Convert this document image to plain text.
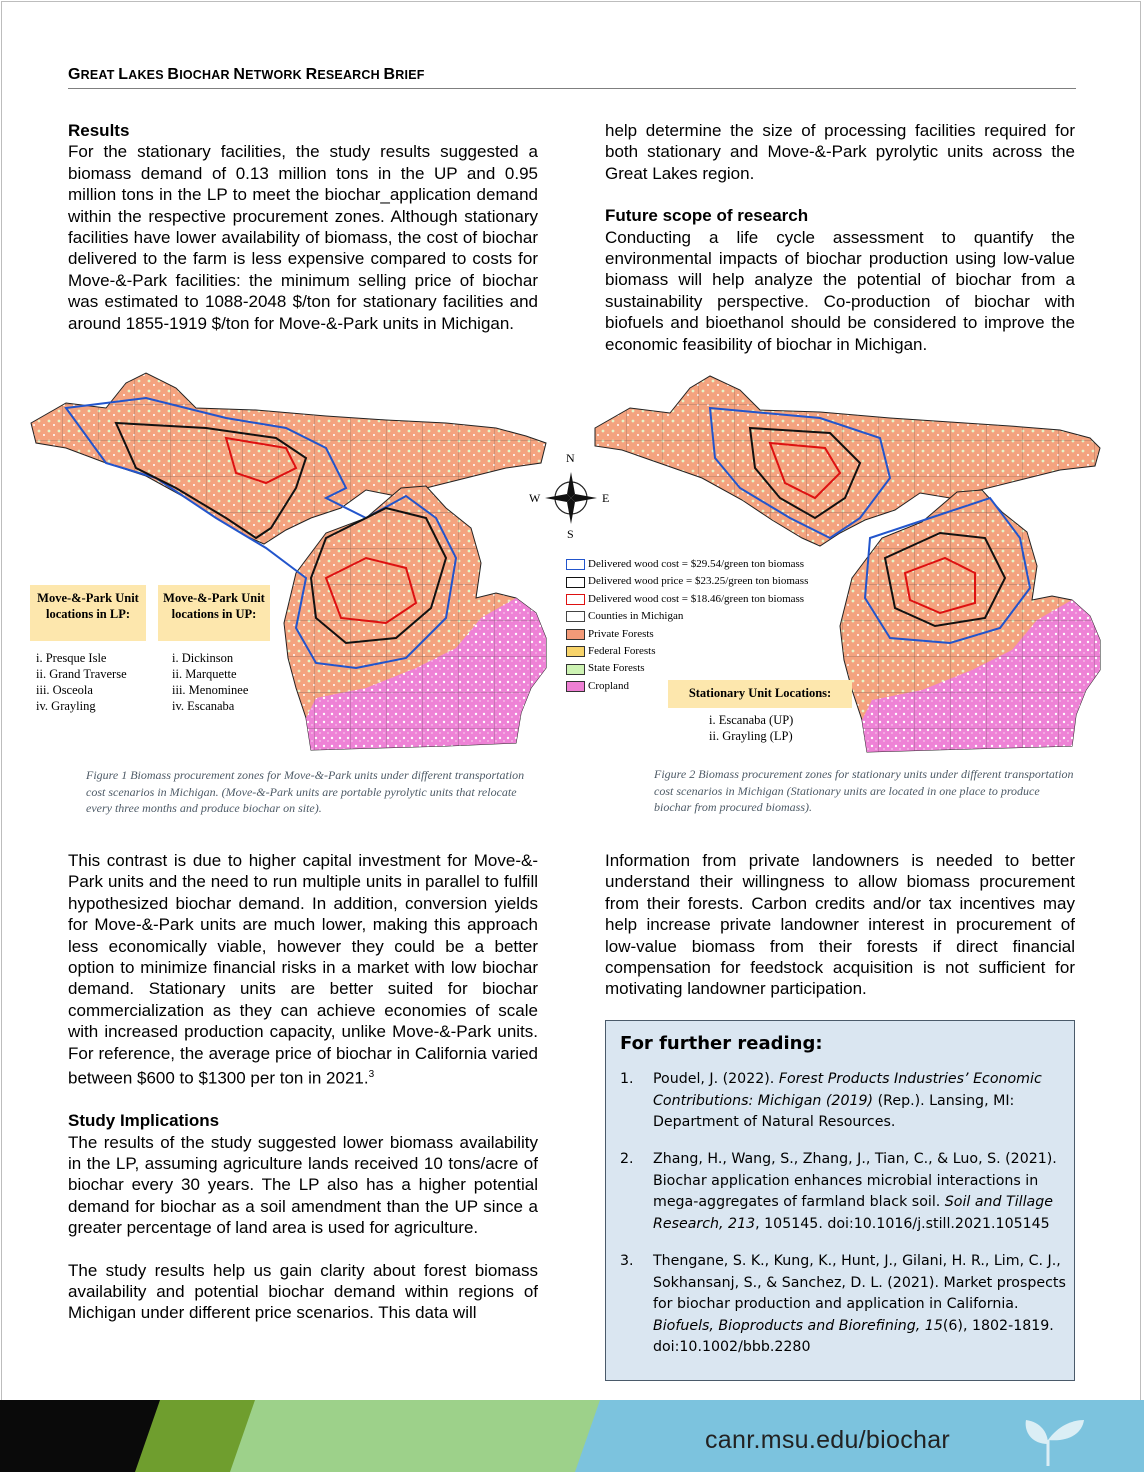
GREAT LAKES BIOCHAR NETWORK RESEARCH BRIEF
Results

For the stationary facilities, the study results suggested a biomass demand of 0.13 million tons in the UP and 0.95 million tons in the LP to meet the biochar_application demand within the respective procurement zones. Although stationary facilities have lower availability of biomass, the cost of biochar delivered to the farm is less expensive compared to costs for Move-&-Park facilities: the minimum selling price of biochar was estimated to 1088-2048 $/ton for stationary facilities and around 1855-1919 $/ton for Move-&-Park units in Michigan.

help determine the size of processing facilities required for both stationary and Move-&-Park pyrolytic units across the Great Lakes region.

Future scope of research

Conducting a life cycle assessment to quantify the environmental impacts of biochar production using low-value biomass will help analyze the potential of biochar from a sustainability perspective. Co-production of biochar with biofuels and bioethanol should be considered to improve the economic feasibility of biochar in Michigan.

Move-&-Park Unit locations in LP:
Move-&-Park Unit locations in UP:
i. Presque Isle
ii. Grand Traverse
iii. Osceola
iv. Grayling
i. Dickinson
ii. Marquette
iii. Menominee
iv. Escanaba
Figure 1 Biomass procurement zones for Move-&-Park units under different transportation cost scenarios in Michigan. (Move-&-Park units are portable pyrolytic units that relocate every three months and produce biochar on site).
N
S
W	E
Delivered wood cost = $29.54/green ton biomass
Delivered wood price = $23.25/green ton biomass
Delivered wood cost = $18.46/green ton biomass
Counties in Michigan
Private Forests
Federal Forests
State Forests
Cropland
Stationary Unit Locations:
i. Escanaba (UP)
ii. Grayling (LP)
Figure 2 Biomass procurement zones for stationary units under different transportation cost scenarios in Michigan (Stationary units are located in one place to produce biochar from procured biomass).

This contrast is due to higher capital investment for Move-&-Park units and the need to run multiple units in parallel to fulfill hypothesized biochar demand. In addition, conversion yields for Move-&-Park units are much lower, making this approach less economically viable, however they could be a better option to minimize financial risks in a market with low biochar demand. Stationary units are better suited for biochar commercialization as they can achieve economies of scale with increased production capacity, unlike Move-&-Park units. For reference, the average price of biochar in California varied between $600 to $1300 per ton in 2021.$^3$

Study Implications

The results of the study suggested lower biomass availability in the LP, assuming agriculture lands received 10 tons/acre of biochar every 30 years. The LP also has a higher potential demand for biochar as a soil amendment than the UP since a greater percentage of land area is used for agriculture.

The study results help us gain clarity about forest biomass availability and potential biochar demand within regions of Michigan under different price scenarios. This data will

Information from private landowners is needed to better understand their willingness to allow biomass procurement from their forests. Carbon credits and/or tax incentives may help increase private landowner interest in procurement of low-value biomass from their forests if direct financial compensation for feedstock acquisition is not sufficient for motivating landowner participation.

For further reading:
1.	Poudel, J. (2022). Forest Products Industries’ Economic Contributions: Michigan (2019) (Rep.). Lansing, MI: Department of Natural Resources.
2.	Zhang, H., Wang, S., Zhang, J., Tian, C., & Luo, S. (2021). Biochar application enhances microbial interactions in mega-aggregates of farmland black soil. Soil and Tillage Research, 213, 105145. doi:10.1016/j.still.2021.105145
3.	Thengane, S. K., Kung, K., Hunt, J., Gilani, H. R., Lim, C. J., Sokhansanj, S., & Sanchez, D. L. (2021). Market prospects for biochar production and application in California. Biofuels, Bioproducts and Biorefining, 15(6), 1802-1819. doi:10.1002/bbb.2280
canr.msu.edu/biochar
